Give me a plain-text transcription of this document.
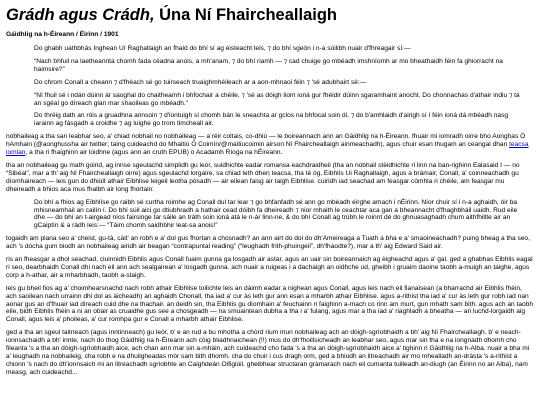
Grádh agus Crádh, Úna Ní Fhaircheallaigh
Gáidhlig na h-Éireann / Éirinn / 1901

Do ghabh uathbhás Inghean Uí Raghallaigh an fhaid do bhí sí ag éisteacht leis, ⁊ do bhí sgeón i n-a súilibh nuair d'fhreagair sí:—

“Nach bhfuil na laetheannta chomh fada céadna anois, a mh'anam, ⁊ do bhí riamh — ⁊ cad chuige go mbéadh imshníomh ar mo bheathaidh féin fa ghiorracht na haimsire?”

Do chrom Conall a cheann ⁊ d'fhéach sé go tuirseach truaighmhéileach ar a aon-mhnaoi féin ⁊ 'sé adubhairt sé:—

“Ní fhuil sé i ndán dúinn ár saoghal do chaitheamh i bhfochair a chéile, ⁊ 'sé as dóigh liom ioná gur fhéidir dúinn sgaramhaint anocht. Do chonnachas d'athair indiu ⁊ tá an sgéal go díreach glan mar shaoileas go mbéadh.”

Do thréig dath an róis a gruadhna annsoin ⁊ d'iontuigh sí chomh bán le sneachta ar gclos na bhfocal soin di, ⁊ do b'amhlaidh d'airigh sí í féin ioná dá mbéadh nasg iarainn ag fásgadh a croidhe ⁊ ag luighe go trom timcheall air.

nobhaileag a tha san leabhar seo, a' chiad nobhail no nobhaileag — a réir coltais, co-dhiù — le boireannach ann an Gàidhlig na h-Éireann. fhuair mi iomradh oirre bho Aonghas Ó hAmhain (@aonghussha air twitter; taing cuideachd do Mhaitiú Ó Coimín/@maitiucoimin airson Ní Fhaircheallaigh ainmeachadh), agus chuir esan thugam an ceangal dhan teacsa iomlan, a tha ri fhaighinn air loidhne (agus ann an cruth EPUB) o Acadamh Rìoga na hÉireann.

tha an nobhaileag gu math goirid, ag innse sgeulachd simplidh gu leòr, suidhichte eadar romansa eachdraidheil (tha an nobhail stèidhichte ri linn na ban-righinn Ealasaid I — no “Sibéal”, mar a th' aig Ní Fhaircheallaigh oirre) agus sgeulachd lorgaire, sa chiad leth dhen teacsa, tha té òg, Eibhlís Ui Raghallaigh, agus a bràmair, Conall, a' coinneachadh gu dìomhaireach — leis gun do dhiùlt athair Eibhlise leigeil leotha pòsadh — air eilean faisg air taigh Eibhlise. cuiridh iad seachad am feasgar còmhla ri chèile, am feasgar mu dheireadh a bhios aca mus fhalbh air long fhortain:

Do bhí a fhios ag Eibhlíse go raibh sé curtha roimhe ag Conall dul tar lear ⁊ go bhfanfadh sé ann go mbéadh éirghe amach i nÉirinn. Níor chuir sí i n-a aghaidh, óir ba mhisneamhail an cailín í. Do bhí súil aici go dtiubhradh a hathair cead dóibh fa dheireadh ⁊ nior mhaith le ceachtar aca gan a bheannacht d'fhaghbháil uaidh. Rud eile dhe — do bhí an t-airgead níos fairsinge tar sáile an tráth soin ioná atá le n-ár linn-ne, & do bhí Conall ag trúbh le roinnt dé do ghnuasaghadh chum aithfhillte air an gCaiptín & a ràdh leis:— “Táim chomh saidhbhir leat-sa anois!”

togaidh am plana seo a' cheist, gu-tà, càit' an robh e a' dol gus fhortan a chosnadh? an ann airt do dol do dh'Ameireaga a Tuath a bha e a' smaoineachadh? puing bheag a tha seo, ach 's dòcha gum biodh an nobhaileag airidh air beagan “contrapuntal reading” (“leughadh frith-phuingeil”, dh'fhaodte?), mar a th' aig Edward Said air.

ris an fheasgar a dhol seachad, cluinnidh Eibhlis agus Conall fuaim gunna ga losgadh air astar, agus an uair sin boireannaich ag èigheachd agus a' gal. ged a ghabhas Eibhlis eagal ri seo, dearbhaidh Conall dhi nach eil ann ach sealgairean a' losgadh gunna. ach nuair a ruigeas i a dachaigh an oidhche ud, gheibh i gruaim daoine taobh a-muigh an taighe, agus corp a h-athar, air a mharbhadh, taobh a-staigh.

leis gu bheil fios ag a' choimhearsnachd nach robh athair Eibhlise toilichte leis an dàimh eadar a nighean agus Conall, agus leis nach eil fianaisean (a bharrachd air Eibhlis fhèin, ach saoilean nach urrainn dhi dol as àicheadh) an aghaidh Chonall, tha iad a' cur às leth gur ann esan a mharbh athair Eibhlise. agus a-rithist tha iad a' cur às leth gur robh iad nan aonar gus an d'fhuair iad dìreach cuid dhe na thachair. an deidh sin, tha Eibhlis gu dìomhain a' feuchainn ri faighinn a-mach co rinn am murt, gun mhath sam bith. agus ach an taobh eile, bidh Eibhlis fhèin a ni an obair as cruaidhe gus see a chosgeadh — na smuaintean dubha a tha i a' fulang, agus mar a tha iad a' riaghladh a bheatha — an luchd-lorgaidh aig Conall, agus leis a' phoileas, a' cur romhpa gur e Conall a mharbh athair Eibhlise.

ged a tha an sgeul taitneach (agus inntinneach) gu leòr, b' e an rud a bu mhotha a chòrd rium mun nobhaileag ach an dòigh-sgrìobhaidh a bh' aig Ní Fhaircheallaigh. b' e neach-ionnsachaidh a bh' innte, nach do thog Gàidhlig na h-Éireann ach còig bliadhnaichean (!!) mus do dh'fhoillsicheadh an leabhar seo, agus mar sin tha e na iongnadh dhomh cho fileanta 's a tha an dòigh-sgrìobhaidh aice, ach chan ann mar sin a-mhàin, ach cuideachd cho fada 's a tha an dòigh-sgrìobhaidh aice a' tighinn ri Gàidhlig na h-Alba. nuair a bha mi a' leughadh na nobhaileig, cha robh e na dhuilgheadas mòr sam bith dhomh. cha do chuir i cus dragh orm, ged a bhiodh an litreachadh air mo mhealladh an-dràsta 's a-rithist a chionn 's nach do dh'ionnsaich mi an litreachadh sgrìobhte an Caighdeán Oifigiúil. gheibhear structaran gràmarach nach eil cumanta tuilleadh an-diugh (an Éirinn no an Alba), nam measg, ach cuideachd...
